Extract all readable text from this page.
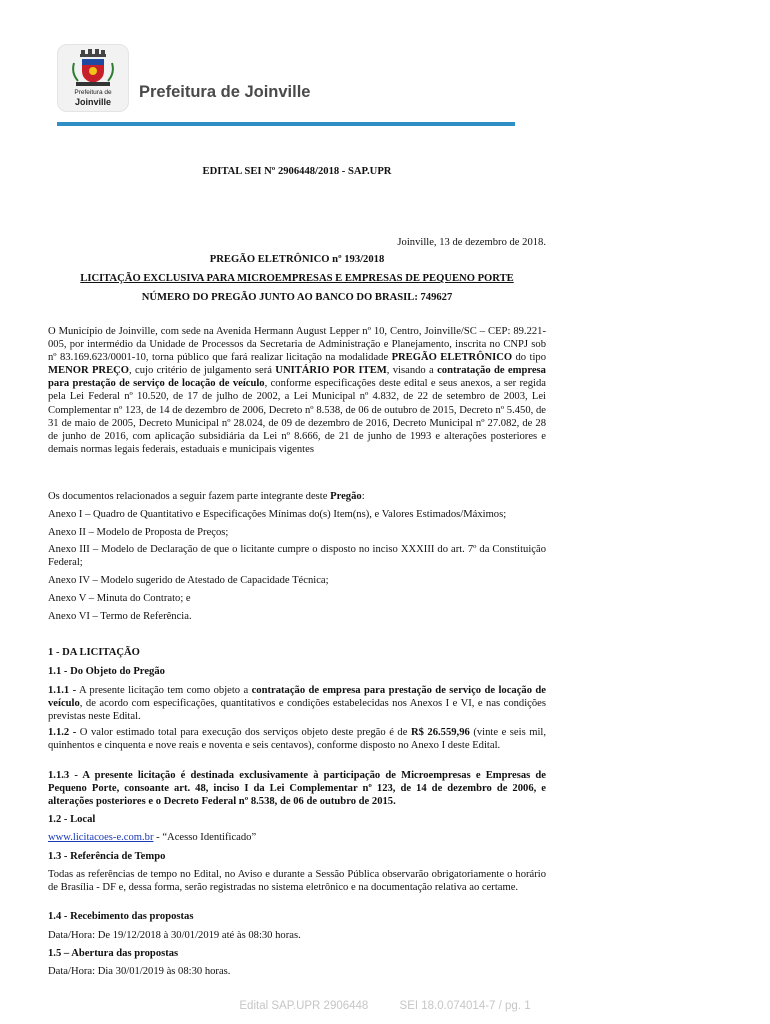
Prefeitura de
Joinville
Prefeitura de Joinville
EDITAL SEI Nº 2906448/2018 - SAP.UPR
Joinville, 13 de dezembro de 2018.
PREGÃO ELETRÔNICO nº 193/2018
LICITAÇÃO EXCLUSIVA PARA MICROEMPRESAS E EMPRESAS DE PEQUENO PORTE
NÚMERO DO PREGÃO JUNTO AO BANCO DO BRASIL: 749627
O Município de Joinville, com sede na Avenida Hermann August Lepper nº 10, Centro, Joinville/SC – CEP: 89.221-005, por intermédio da Unidade de Processos da Secretaria de Administração e Planejamento, inscrita no CNPJ sob nº 83.169.623/0001-10, torna público que fará realizar licitação na modalidade PREGÃO ELETRÔNICO do tipo MENOR PREÇO, cujo critério de julgamento será UNITÁRIO POR ITEM, visando a contratação de empresa para prestação de serviço de locação de veículo, conforme especificações deste edital e seus anexos, a ser regida pela Lei Federal nº 10.520, de 17 de julho de 2002, a Lei Municipal nº 4.832, de 22 de setembro de 2003, Lei Complementar nº 123, de 14 de dezembro de 2006, Decreto nº 8.538, de 06 de outubro de 2015, Decreto nº 5.450, de 31 de maio de 2005, Decreto Municipal nº 28.024, de 09 de dezembro de 2016, Decreto Municipal nº 27.082, de 28 de junho de 2016, com aplicação subsidiária da Lei nº 8.666, de 21 de junho de 1993 e alterações posteriores e demais normas legais federais, estaduais e municipais vigentes
Os documentos relacionados a seguir fazem parte integrante deste Pregão:
Anexo I – Quadro de Quantitativo e Especificações Mínimas do(s) Item(ns), e Valores Estimados/Máximos;
Anexo II – Modelo de Proposta de Preços;
Anexo III – Modelo de Declaração de que o licitante cumpre o disposto no inciso XXXIII do art. 7º da Constituição Federal;
Anexo IV – Modelo sugerido de Atestado de Capacidade Técnica;
Anexo V – Minuta do Contrato; e
Anexo VI – Termo de Referência.
1 - DA LICITAÇÃO
1.1 - Do Objeto do Pregão
1.1.1 - A presente licitação tem como objeto a contratação de empresa para prestação de serviço de locação de veículo, de acordo com especificações, quantitativos e condições estabelecidas nos Anexos I e VI, e nas condições previstas neste Edital.
1.1.2 - O valor estimado total para execução dos serviços objeto deste pregão é de R$ 26.559,96 (vinte e seis mil, quinhentos e cinquenta e nove reais e noventa e seis centavos), conforme disposto no Anexo I deste Edital.
1.1.3 - A presente licitação é destinada exclusivamente à participação de Microempresas e Empresas de Pequeno Porte, consoante art. 48, inciso I da Lei Complementar nº 123, de 14 de dezembro de 2006, e alterações posteriores e o Decreto Federal nº 8.538, de 06 de outubro de 2015.
1.2 - Local
www.licitacoes-e.com.br - “Acesso Identificado”
1.3 - Referência de Tempo
Todas as referências de tempo no Edital, no Aviso e durante a Sessão Pública observarão obrigatoriamente o horário de Brasília - DF e, dessa forma, serão registradas no sistema eletrônico e na documentação relativa ao certame.
1.4 - Recebimento das propostas
Data/Hora: De 19/12/2018 à 30/01/2019 até às 08:30 horas.
1.5 – Abertura das propostas
Data/Hora: Dia 30/01/2019 às 08:30 horas.
Edital SAP.UPR 2906448	SEI 18.0.074014-7 / pg. 1
